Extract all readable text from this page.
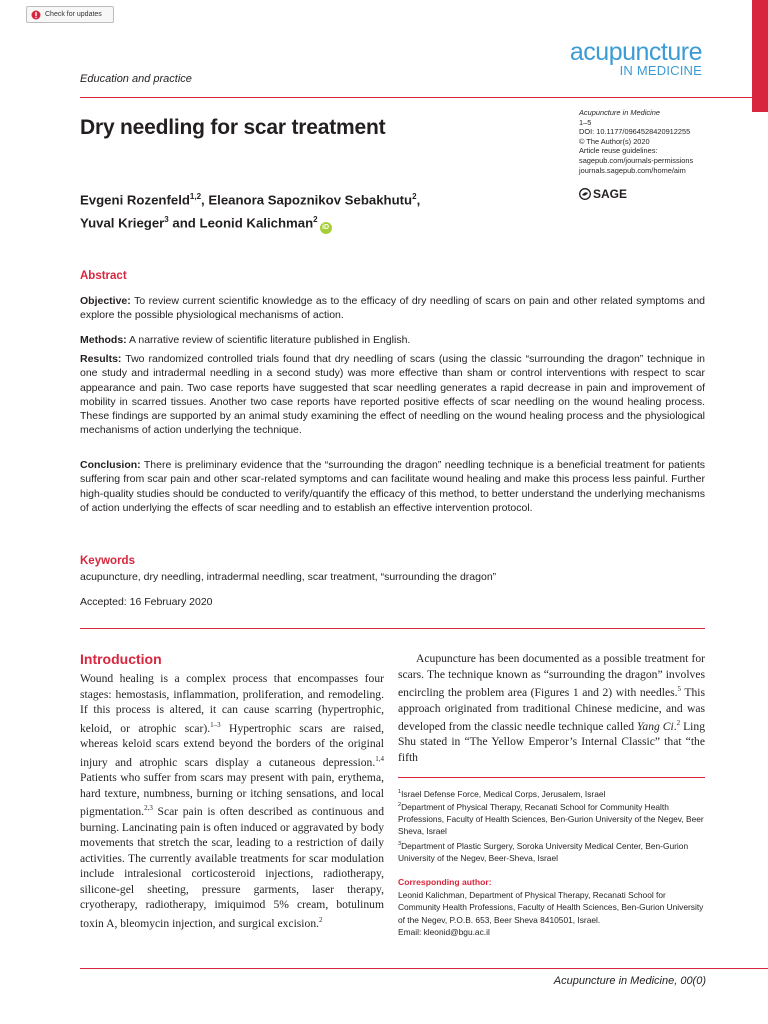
Check for updates
acupuncture
IN MEDICINE
Education and practice
Acupuncture in Medicine
1–5
DOI: 10.1177/0964528420912255
© The Author(s) 2020
Article reuse guidelines:
sagepub.com/journals-permissions
journals.sagepub.com/home/aim
SAGE
Dry needling for scar treatment
Evgeni Rozenfeld$^{1,2}$, Eleanora Sapoznikov Sebakhutu$^2$,
Yuval Krieger$^3$ and Leonid Kalichman$^2$iD
Abstract

Objective: To review current scientific knowledge as to the efficacy of dry needling of scars on pain and other related symptoms and explore the possible physiological mechanisms of action.

Methods: A narrative review of scientific literature published in English.

Results: Two randomized controlled trials found that dry needling of scars (using the classic “surrounding the dragon” technique in one study and intradermal needling in a second study) was more effective than sham or control interventions with respect to scar appearance and pain. Two case reports have suggested that scar needling generates a rapid decrease in pain and improvement of mobility in scarred tissues. Another two case reports have reported positive effects of scar needling on the wound healing process. These findings are supported by an animal study examining the effect of needling on the wound healing process and the physiological mechanisms of action underlying the technique.

Conclusion: There is preliminary evidence that the “surrounding the dragon” needling technique is a beneficial treatment for patients suffering from scar pain and other scar-related symptoms and can facilitate wound healing and make this process less painful. Further high-quality studies should be conducted to verify/quantify the efficacy of this method, to better understand the underlying mechanisms of action underlying the effects of scar needling and to establish an effective intervention protocol.

Keywords
acupuncture, dry needling, intradermal needling, scar treatment, “surrounding the dragon”
Accepted: 16 February 2020
Introduction

Wound healing is a complex process that encompasses four stages: hemostasis, inflammation, proliferation, and remodeling. If this process is altered, it can cause scarring (hypertrophic, keloid, or atrophic scar).$^{1-3}$ Hypertrophic scars are raised, whereas keloid scars extend beyond the borders of the original injury and atrophic scars display a cutaneous depression.$^{1,4}$ Patients who suffer from scars may present with pain, erythema, hard texture, numbness, burning or itching sensations, and local pigmentation.$^{2,3}$ Scar pain is often described as continuous and burning. Lancinating pain is often induced or aggravated by body movements that stretch the scar, leading to a restriction of daily activities. The currently available treatments for scar modulation include intralesional corticosteroid injections, radiotherapy, silicone-gel sheeting, pressure garments, laser therapy, cryotherapy, radiotherapy, imiquimod 5% cream, botulinum toxin A, bleomycin injection, and surgical excision.$^2$

Acupuncture has been documented as a possible treatment for scars. The technique known as “surrounding the dragon” involves encircling the problem area (Figures 1 and 2) with needles.$^5$ This approach originated from traditional Chinese medicine, and was developed from the classic needle technique called Yang Ci.$^2$ Ling Shu stated in “The Yellow Emperor’s Internal Classic” that “the fifth

$^1$Israel Defense Force, Medical Corps, Jerusalem, Israel

$^2$Department of Physical Therapy, Recanati School for Community Health Professions, Faculty of Health Sciences, Ben-Gurion University of the Negev, Beer Sheva, Israel

$^3$Department of Plastic Surgery, Soroka University Medical Center, Ben-Gurion University of the Negev, Beer-Sheva, Israel

Corresponding author:

Leonid Kalichman, Department of Physical Therapy, Recanati School for Community Health Professions, Faculty of Health Sciences, Ben-Gurion University of the Negev, P.O.B. 653, Beer Sheva 8410501, Israel.
Email: kleonid@bgu.ac.il

Acupuncture in Medicine, 00(0)
